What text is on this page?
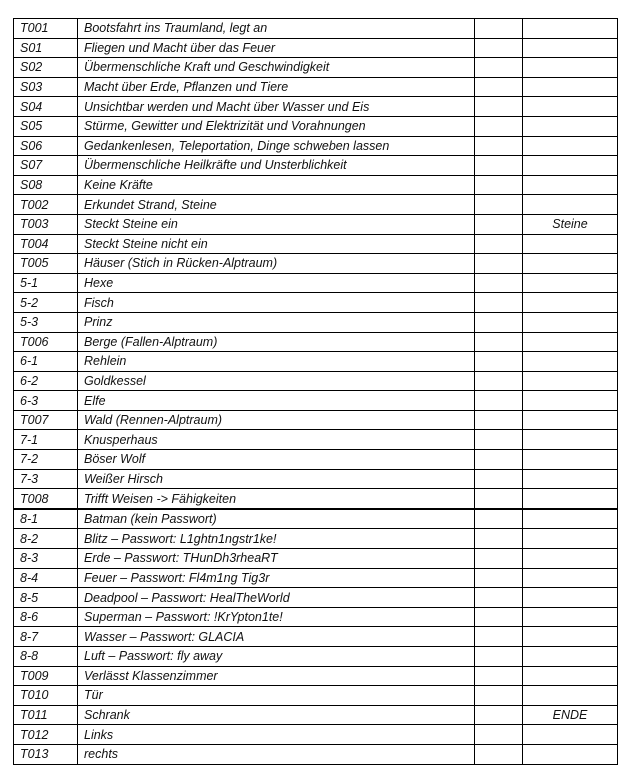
T001	Bootsfahrt ins Traumland, legt an		
S01	Fliegen und Macht über das Feuer		
S02	Übermenschliche Kraft und Geschwindigkeit		
S03	Macht über Erde, Pflanzen und Tiere		
S04	Unsichtbar werden und Macht über Wasser und Eis		
S05	Stürme, Gewitter und Elektrizität und Vorahnungen		
S06	Gedankenlesen, Teleportation, Dinge schweben lassen		
S07	Übermenschliche Heilkräfte und Unsterblichkeit		
S08	Keine Kräfte		
T002	Erkundet Strand, Steine		
T003	Steckt Steine ein		Steine
T004	Steckt Steine nicht ein		
T005	Häuser (Stich in Rücken-Alptraum)		
5-1	Hexe		
5-2	Fisch		
5-3	Prinz		
T006	Berge (Fallen-Alptraum)		
6-1	Rehlein		
6-2	Goldkessel		
6-3	Elfe		
T007	Wald (Rennen-Alptraum)		
7-1	Knusperhaus		
7-2	Böser Wolf		
7-3	Weißer Hirsch		
T008	Trifft Weisen -> Fähigkeiten		
8-1	Batman (kein Passwort)		
8-2	Blitz – Passwort: L1ghtn1ngstr1ke!		
8-3	Erde – Passwort: THunDh3rheaRT		
8-4	Feuer – Passwort: Fl4m1ng Tig3r		
8-5	Deadpool – Passwort: HealTheWorld		
8-6	Superman – Passwort: !KrYpton1te!		
8-7	Wasser – Passwort: GLACIA		
8-8	Luft – Passwort: fly away		
T009	Verlässt Klassenzimmer		
T010	Tür		
T011	Schrank		ENDE
T012	Links		
T013	rechts		
